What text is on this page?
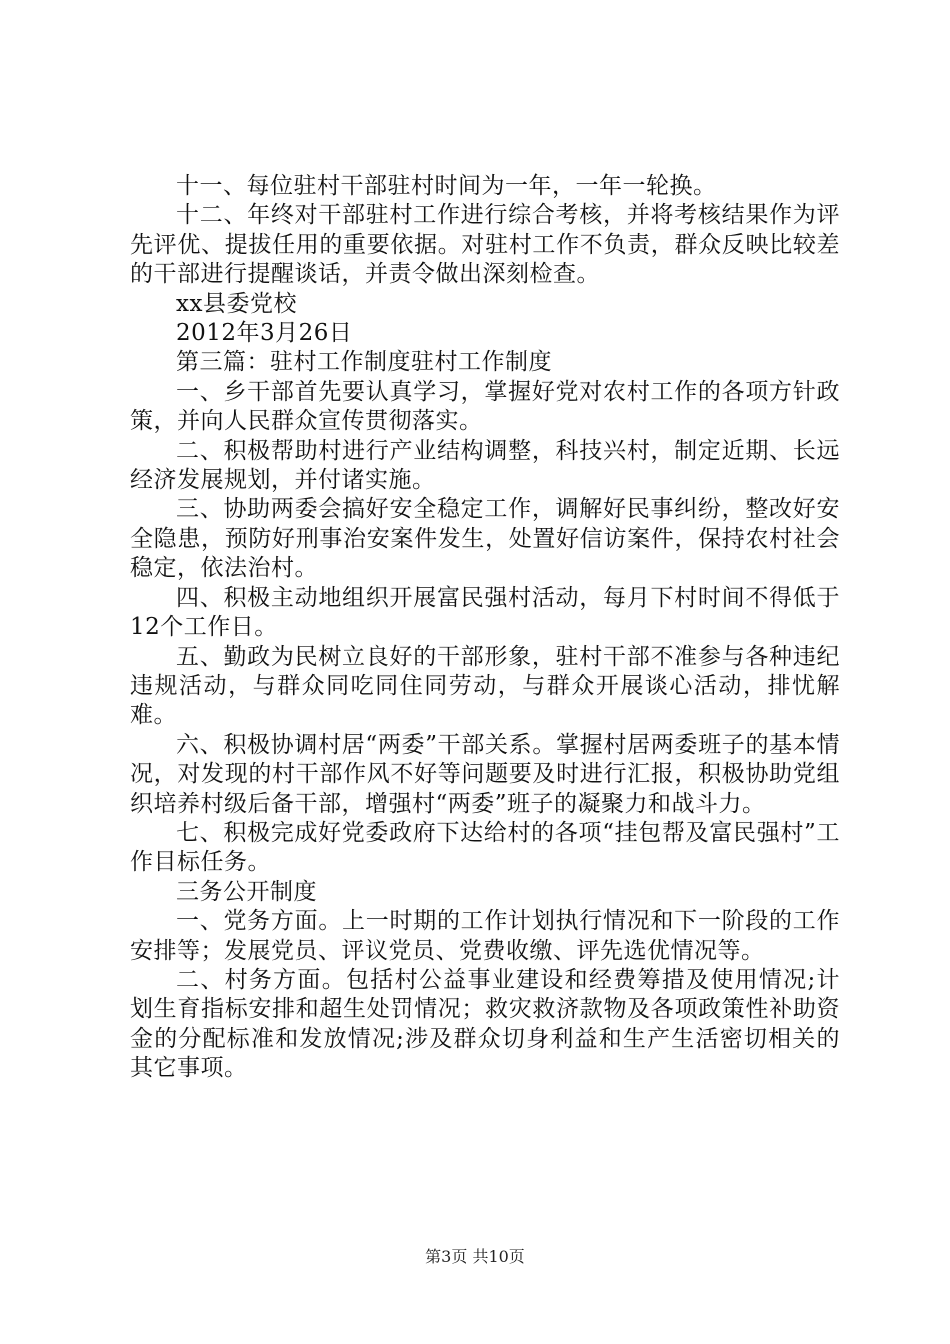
十一、每位驻村干部驻村时间为一年，一年一轮换。

十二、年终对干部驻村工作进行综合考核，并将考核结果作为评先评优、提拔任用的重要依据。对驻村工作不负责，群众反映比较差的干部进行提醒谈话，并责令做出深刻检查。

xx县委党校

2012年3月26日

第三篇：驻村工作制度驻村工作制度

一、乡干部首先要认真学习，掌握好党对农村工作的各项方针政策，并向人民群众宣传贯彻落实。

二、积极帮助村进行产业结构调整，科技兴村，制定近期、长远经济发展规划，并付诸实施。

三、协助两委会搞好安全稳定工作，调解好民事纠纷，整改好安全隐患，预防好刑事治安案件发生，处置好信访案件，保持农村社会稳定，依法治村。

四、积极主动地组织开展富民强村活动，每月下村时间不得低于12个工作日。

五、勤政为民树立良好的干部形象，驻村干部不准参与各种违纪违规活动，与群众同吃同住同劳动，与群众开展谈心活动，排忧解难。

六、积极协调村居“两委”干部关系。掌握村居两委班子的基本情况，对发现的村干部作风不好等问题要及时进行汇报，积极协助党组织培养村级后备干部，增强村“两委”班子的凝聚力和战斗力。

七、积极完成好党委政府下达给村的各项“挂包帮及富民强村”工作目标任务。

三务公开制度

一、党务方面。上一时期的工作计划执行情况和下一阶段的工作安排等；发展党员、评议党员、党费收缴、评先选优情况等。

二、村务方面。包括村公益事业建设和经费筹措及使用情况;计划生育指标安排和超生处罚情况；救灾救济款物及各项政策性补助资金的分配标准和发放情况;涉及群众切身利益和生产生活密切相关的其它事项。

第3页 共10页
